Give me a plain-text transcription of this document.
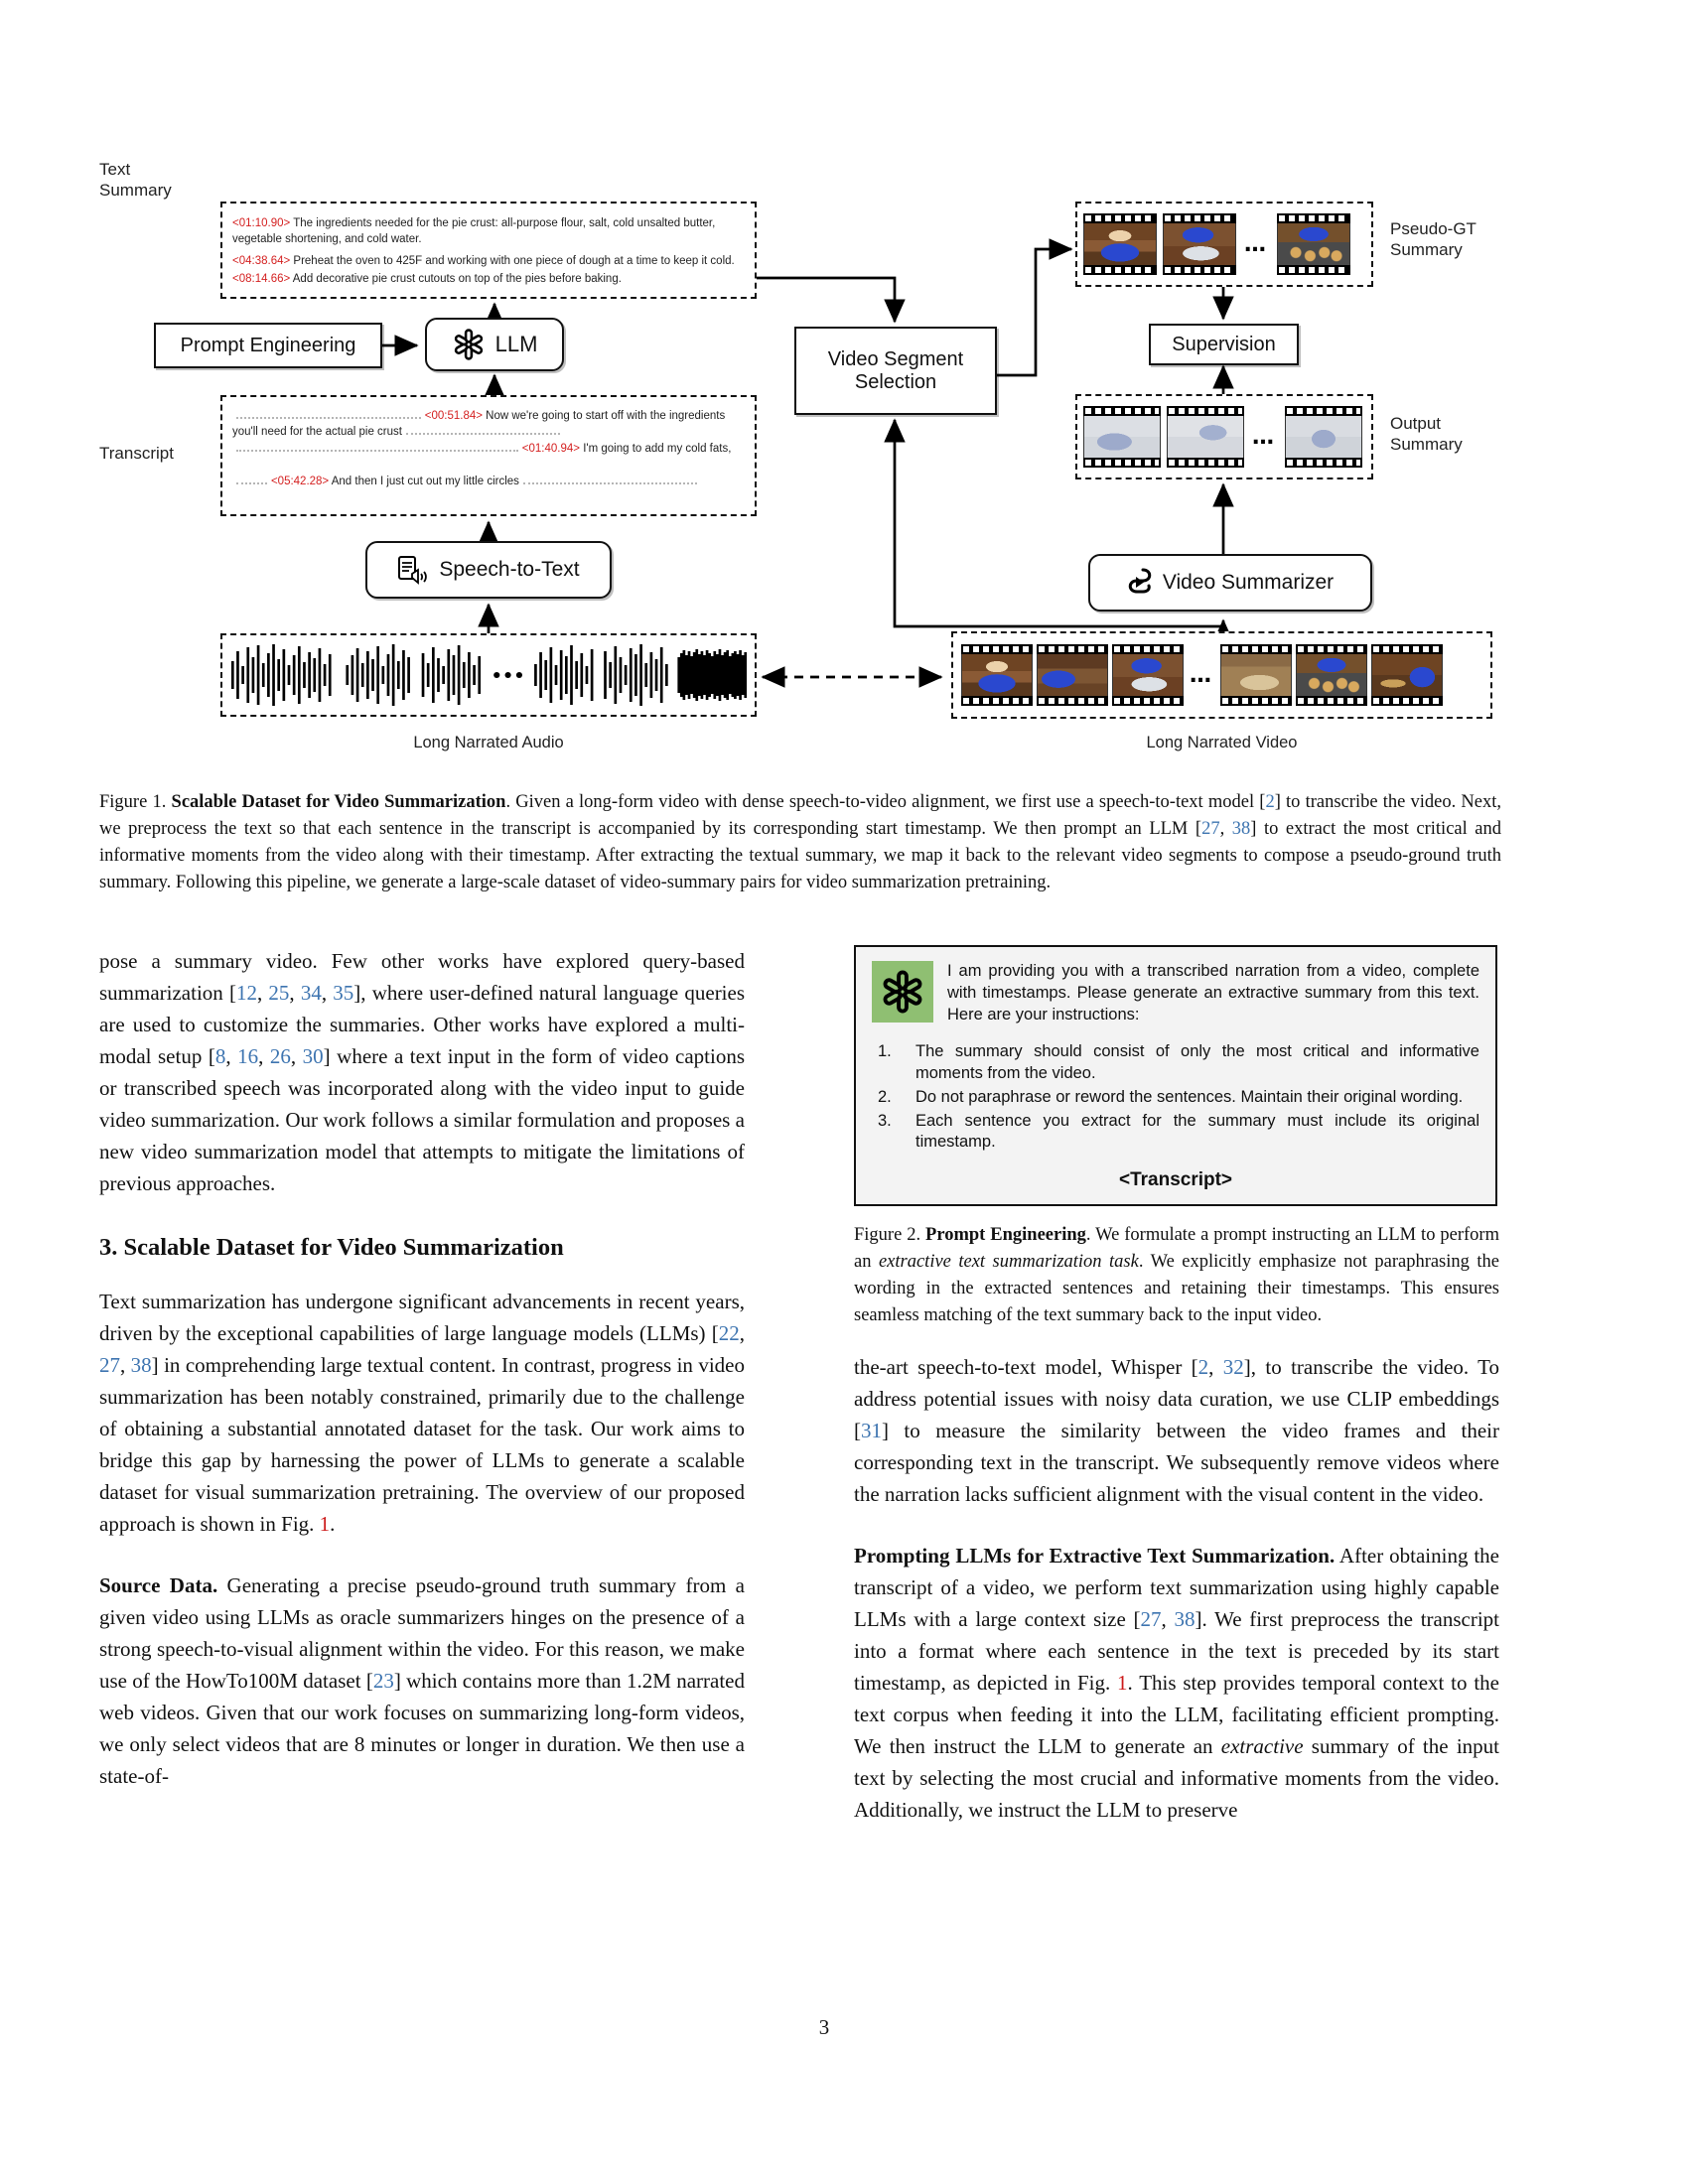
Text
Summary
Transcript
<01:10.90> The ingredients needed for the pie crust: all-purpose flour, salt, cold unsalted butter, vegetable shortening, and cold water.
<04:38.64> Preheat the oven to 425F and working with one piece of dough at a time to keep it cold.
<08:14.66> Add decorative pie crust cutouts on top of the pies before baking.
…
Pseudo-GT
Summary
Prompt Engineering	LLM
Video Segment
Selection
Supervision
<00:51.84> Now we're going to start off with the ingredients you'll need for the actual pie crust
<01:40.94> I'm going to add my cold fats,
<05:42.28> And then I just cut out my little circles
…
Output
Summary
Speech-to-Text
Video Summarizer
Long Narrated Audio
…
Long Narrated Video
Figure 1. Scalable Dataset for Video Summarization. Given a long-form video with dense speech-to-video alignment, we first use a speech-to-text model [2] to transcribe the video. Next, we preprocess the text so that each sentence in the transcript is accompanied by its corresponding start timestamp. We then prompt an LLM [27, 38] to extract the most critical and informative moments from the video along with their timestamp. After extracting the textual summary, we map it back to the relevant video segments to compose a pseudo-ground truth summary. Following this pipeline, we generate a large-scale dataset of video-summary pairs for video summarization pretraining.

pose a summary video. Few other works have explored query-based summarization [12, 25, 34, 35], where user-defined natural language queries are used to customize the summaries. Other works have explored a multi-modal setup [8, 16, 26, 30] where a text input in the form of video captions or transcribed speech was incorporated along with the video input to guide video summarization. Our work follows a similar formulation and proposes a new video summarization model that attempts to mitigate the limitations of previous approaches.

3. Scalable Dataset for Video Summarization

Text summarization has undergone significant advancements in recent years, driven by the exceptional capabilities of large language models (LLMs) [22, 27, 38] in comprehending large textual content. In contrast, progress in video summarization has been notably constrained, primarily due to the challenge of obtaining a substantial annotated dataset for the task. Our work aims to bridge this gap by harnessing the power of LLMs to generate a scalable dataset for visual summarization pretraining. The overview of our proposed approach is shown in Fig. 1.

Source Data. Generating a precise pseudo-ground truth summary from a given video using LLMs as oracle summarizers hinges on the presence of a strong speech-to-visual alignment within the video. For this reason, we make use of the HowTo100M dataset [23] which contains more than 1.2M narrated web videos. Given that our work focuses on summarizing long-form videos, we only select videos that are 8 minutes or longer in duration. We then use a state-of-

I am providing you with a transcribed narration from a video, complete with timestamps. Please generate an extractive summary from this text. Here are your instructions:
1.	The summary should consist of only the most critical and informative moments from the video.
2.	Do not paraphrase or reword the sentences. Maintain their original wording.
3.	Each sentence you extract for the summary must include its original timestamp.
<Transcript>
Figure 2. Prompt Engineering. We formulate a prompt instructing an LLM to perform an extractive text summarization task. We explicitly emphasize not paraphrasing the wording in the extracted sentences and retaining their timestamps. This ensures seamless matching of the text summary back to the input video.

the-art speech-to-text model, Whisper [2, 32], to transcribe the video. To address potential issues with noisy data curation, we use CLIP embeddings [31] to measure the similarity between the video frames and their corresponding text in the transcript. We subsequently remove videos where the narration lacks sufficient alignment with the visual content in the video.

Prompting LLMs for Extractive Text Summarization. After obtaining the transcript of a video, we perform text summarization using highly capable LLMs with a large context size [27, 38]. We first preprocess the transcript into a format where each sentence in the text is preceded by its start timestamp, as depicted in Fig. 1. This step provides temporal context to the text corpus when feeding it into the LLM, facilitating efficient prompting. We then instruct the LLM to generate an extractive summary of the input text by selecting the most crucial and informative moments from the video. Additionally, we instruct the LLM to preserve

3
